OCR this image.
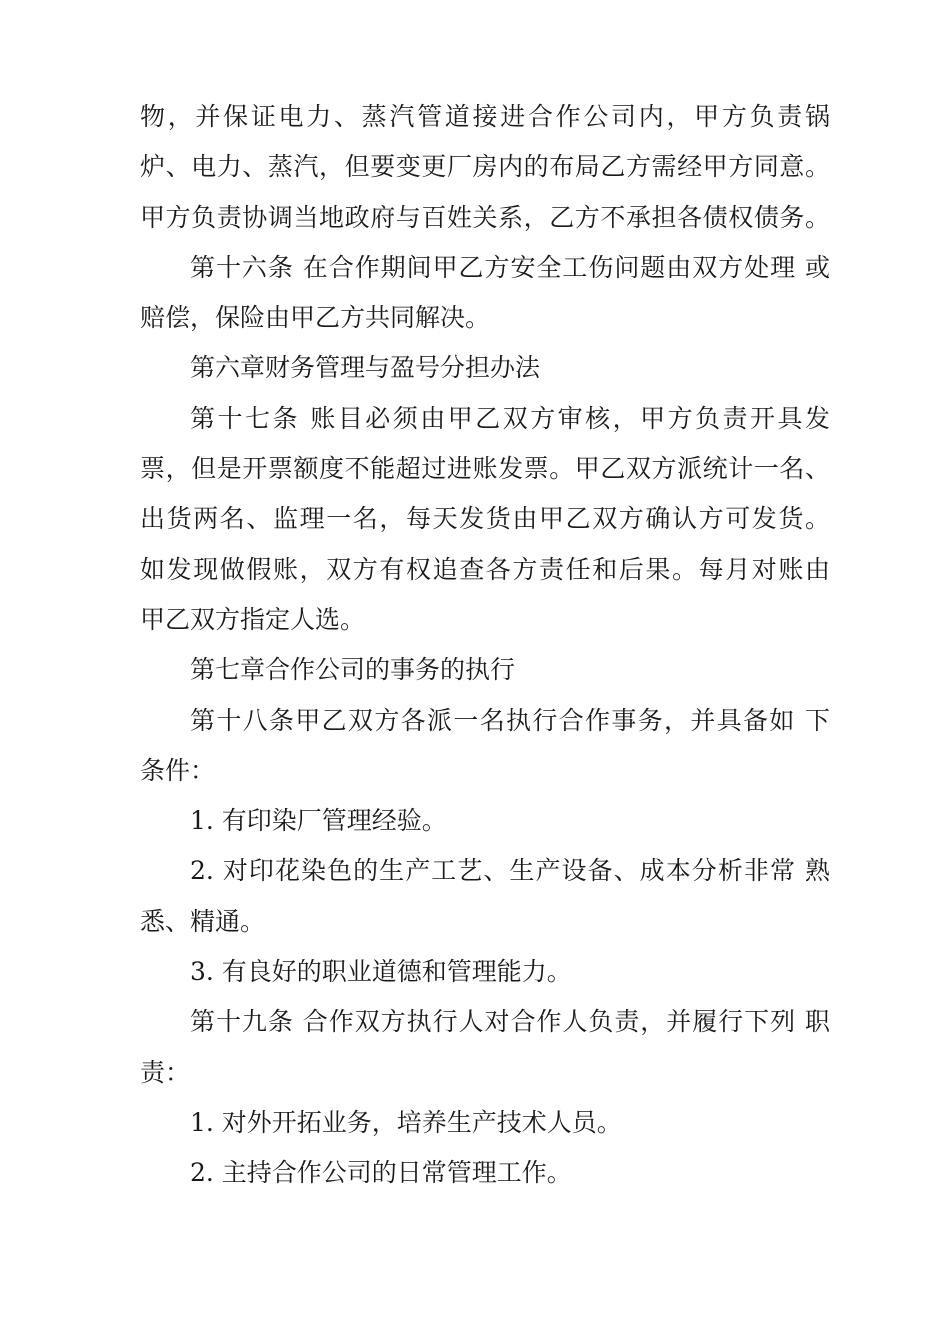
物，并保证电力、蒸汽管道接进合作公司内，甲方负责锅
炉、电力、蒸汽，但要变更厂房内的布局乙方需经甲方同意。
甲方负责协调当地政府与百姓关系，乙方不承担各债权债务。
第十六条 在合作期间甲乙方安全工伤问题由双方处理 或
赔偿，保险由甲乙方共同解决。
第六章财务管理与盈号分担办法
第十七条 账目必须由甲乙双方审核，甲方负责开具发
票，但是开票额度不能超过进账发票。甲乙双方派统计一名、
出货两名、监理一名，每天发货由甲乙双方确认方可发货。
如发现做假账，双方有权追查各方责任和后果。每月对账由
甲乙双方指定人选。
第七章合作公司的事务的执行
第十八条甲乙双方各派一名执行合作事务，并具备如 下
条件：
1. 有印染厂管理经验。
2. 对印花染色的生产工艺、生产设备、成本分析非常 熟
悉、精通。
3. 有良好的职业道德和管理能力。
第十九条 合作双方执行人对合作人负责，并履行下列 职
责：
1. 对外开拓业务，培养生产技术人员。
2. 主持合作公司的日常管理工作。
